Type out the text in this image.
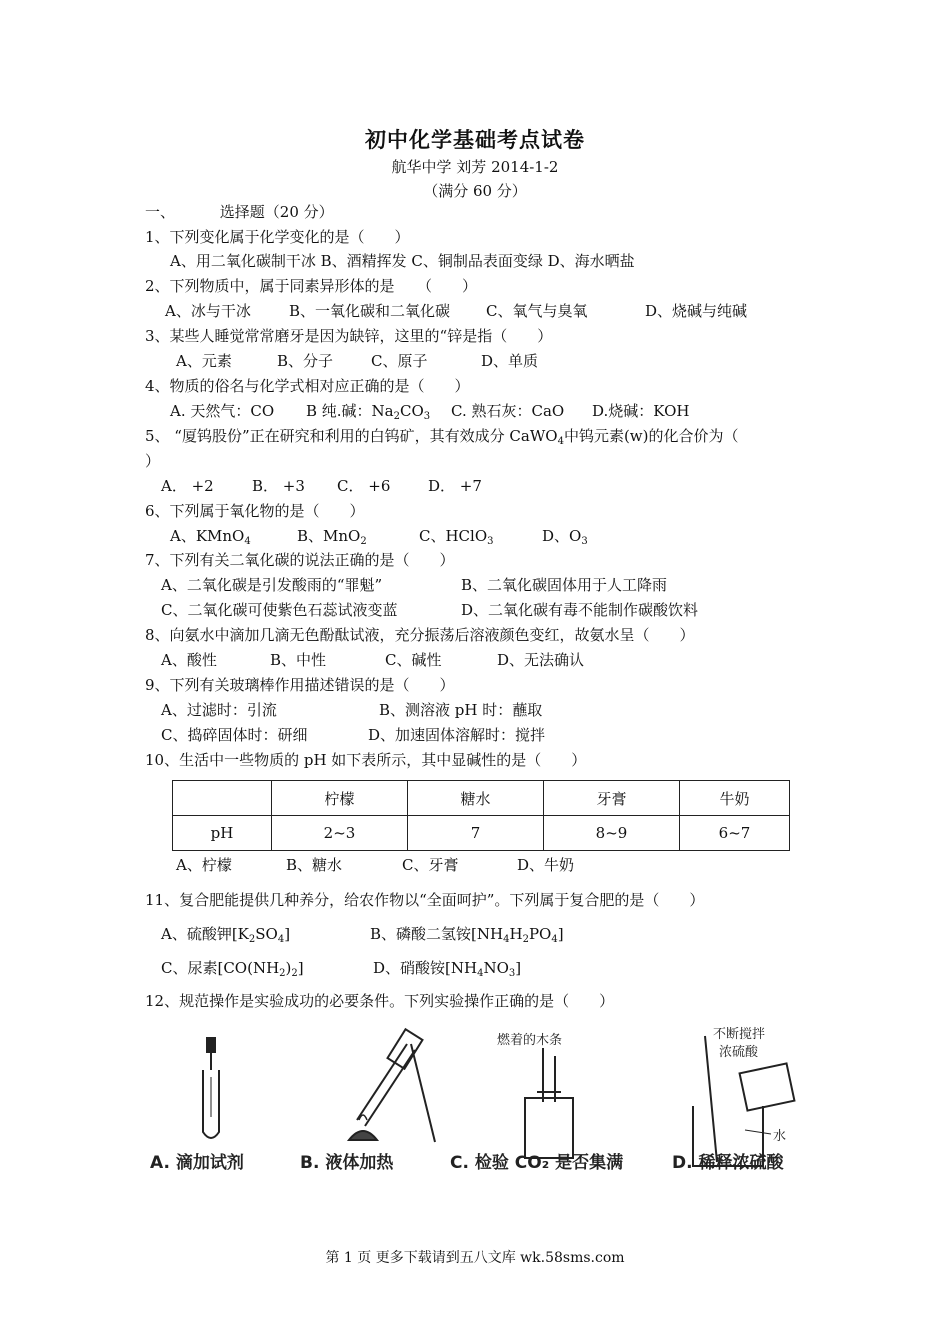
初中化学基础考点试卷
航华中学 刘芳 2014-1-2
（满分 60 分）
一、	选择题（20 分）
1、下列变化属于化学变化的是（　　）
A、用二氧化碳制干冰 B、酒精挥发 C、铜制品表面变绿 D、海水晒盐
2、下列物质中，属于同素异形体的是　　（　　）
A、冰与干冰	B、一氧化碳和二氧化碳 C、氧气与臭氧	D、烧碱与纯碱
3、某些人睡觉常常磨牙是因为缺锌，这里的“锌是指（　　）
A、元素	B、分子	C、原子	D、单质
4、物质的俗名与化学式相对应正确的是（　　）
A. 天然气：CO B 纯.碱：$Na_2CO_3$ C. 熟石灰：CaO D.烧碱：KOH
5、 “厦钨股份”正在研究和利用的白钨矿，其有效成分 CaWO$_4$中钨元素(w)的化合价为（
）
A． +2	B． +3 C． +6	D． +7
6、下列属于氧化物的是（　　）
A、KMnO$_4$	B、MnO$_2$	C、HClO$_3$	D、$O_3$
7、下列有关二氧化碳的说法正确的是（　　）
A、二氧化碳是引发酸雨的“罪魁”	B、二氧化碳固体用于人工降雨
C、二氧化碳可使紫色石蕊试液变蓝	D、二氧化碳有毒不能制作碳酸饮料
8、向氨水中滴加几滴无色酚酞试液，充分振荡后溶液颜色变红，故氨水呈（　　）
A、酸性	B、中性	C、碱性	D、无法确认
9、下列有关玻璃棒作用描述错误的是（　　）
A、过滤时：引流	B、测溶液 pH 时：蘸取
C、捣碎固体时：研细	D、加速固体溶解时：搅拌
10、生活中一些物质的 pH 如下表所示，其中显碱性的是（　　）
	柠檬	糖水	牙膏	牛奶
pH	2~3	7	8~9	6~7
A、柠檬	B、糖水	C、牙膏	D、牛奶
11、复合肥能提供几种养分，给农作物以“全面呵护”。下列属于复合肥的是（　　）
A、硫酸钾$[K_2SO_4]$	B、磷酸二氢铵$[NH_4H_2PO_4]$
C、尿素$[CO(NH_2)_2]$	D、硝酸铵$[NH_4NO_3]$
12、规范操作是实验成功的必要条件。下列实验操作正确的是（　　）
燃着的木条	不断搅拌
浓硫酸
水
A. 滴加试剂	B. 液体加热	C. 检验 CO₂ 是否集满	D. 稀释浓硫酸
第 1 页 更多下载请到五八文库 wk.58sms.com
